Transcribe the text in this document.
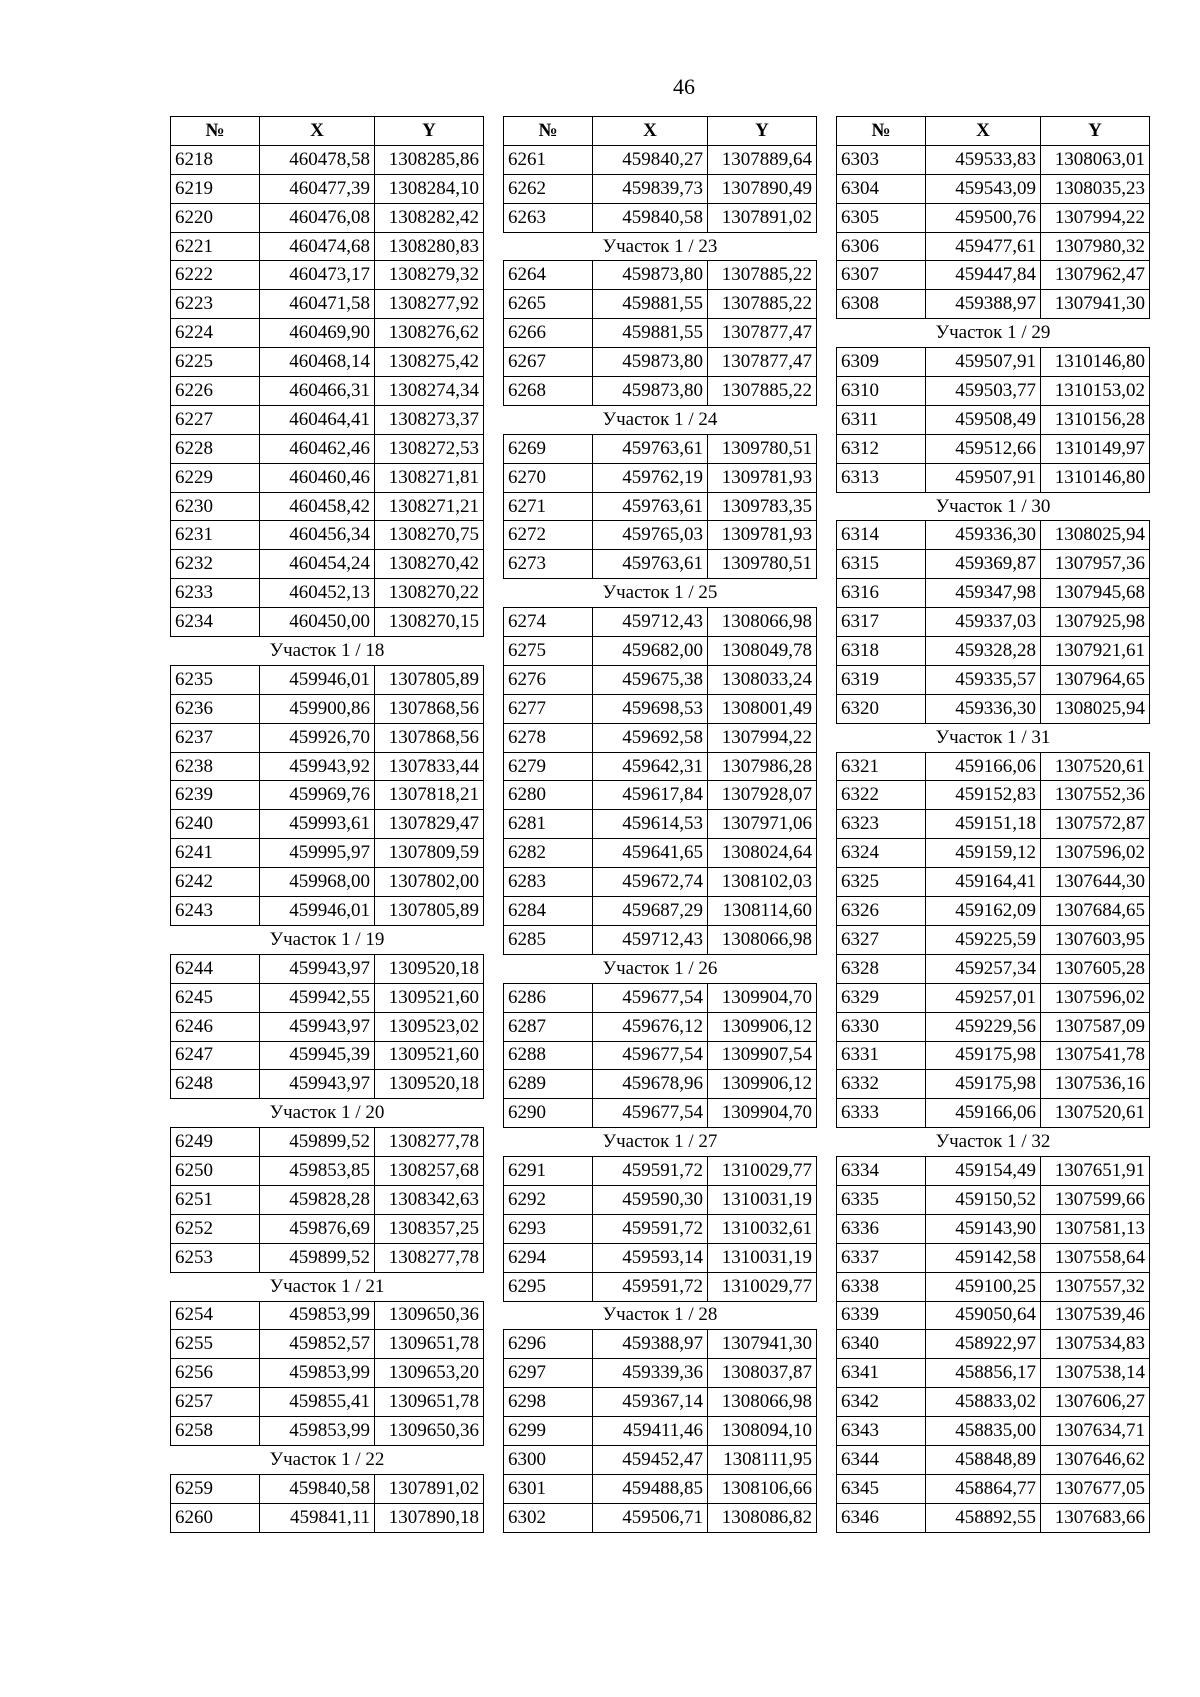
46
№	X	Y
6218	460478,58	1308285,86
6219	460477,39	1308284,10
6220	460476,08	1308282,42
6221	460474,68	1308280,83
6222	460473,17	1308279,32
6223	460471,58	1308277,92
6224	460469,90	1308276,62
6225	460468,14	1308275,42
6226	460466,31	1308274,34
6227	460464,41	1308273,37
6228	460462,46	1308272,53
6229	460460,46	1308271,81
6230	460458,42	1308271,21
6231	460456,34	1308270,75
6232	460454,24	1308270,42
6233	460452,13	1308270,22
6234	460450,00	1308270,15
Участок 1 / 18		
6235	459946,01	1307805,89
6236	459900,86	1307868,56
6237	459926,70	1307868,56
6238	459943,92	1307833,44
6239	459969,76	1307818,21
6240	459993,61	1307829,47
6241	459995,97	1307809,59
6242	459968,00	1307802,00
6243	459946,01	1307805,89
Участок 1 / 19		
6244	459943,97	1309520,18
6245	459942,55	1309521,60
6246	459943,97	1309523,02
6247	459945,39	1309521,60
6248	459943,97	1309520,18
Участок 1 / 20		
6249	459899,52	1308277,78
6250	459853,85	1308257,68
6251	459828,28	1308342,63
6252	459876,69	1308357,25
6253	459899,52	1308277,78
Участок 1 / 21		
6254	459853,99	1309650,36
6255	459852,57	1309651,78
6256	459853,99	1309653,20
6257	459855,41	1309651,78
6258	459853,99	1309650,36
Участок 1 / 22		
6259	459840,58	1307891,02
6260	459841,11	1307890,18
№	X	Y
6261	459840,27	1307889,64
6262	459839,73	1307890,49
6263	459840,58	1307891,02
Участок 1 / 23		
6264	459873,80	1307885,22
6265	459881,55	1307885,22
6266	459881,55	1307877,47
6267	459873,80	1307877,47
6268	459873,80	1307885,22
Участок 1 / 24		
6269	459763,61	1309780,51
6270	459762,19	1309781,93
6271	459763,61	1309783,35
6272	459765,03	1309781,93
6273	459763,61	1309780,51
Участок 1 / 25		
6274	459712,43	1308066,98
6275	459682,00	1308049,78
6276	459675,38	1308033,24
6277	459698,53	1308001,49
6278	459692,58	1307994,22
6279	459642,31	1307986,28
6280	459617,84	1307928,07
6281	459614,53	1307971,06
6282	459641,65	1308024,64
6283	459672,74	1308102,03
6284	459687,29	1308114,60
6285	459712,43	1308066,98
Участок 1 / 26		
6286	459677,54	1309904,70
6287	459676,12	1309906,12
6288	459677,54	1309907,54
6289	459678,96	1309906,12
6290	459677,54	1309904,70
Участок 1 / 27		
6291	459591,72	1310029,77
6292	459590,30	1310031,19
6293	459591,72	1310032,61
6294	459593,14	1310031,19
6295	459591,72	1310029,77
Участок 1 / 28		
6296	459388,97	1307941,30
6297	459339,36	1308037,87
6298	459367,14	1308066,98
6299	459411,46	1308094,10
6300	459452,47	1308111,95
6301	459488,85	1308106,66
6302	459506,71	1308086,82
№	X	Y
6303	459533,83	1308063,01
6304	459543,09	1308035,23
6305	459500,76	1307994,22
6306	459477,61	1307980,32
6307	459447,84	1307962,47
6308	459388,97	1307941,30
Участок 1 / 29		
6309	459507,91	1310146,80
6310	459503,77	1310153,02
6311	459508,49	1310156,28
6312	459512,66	1310149,97
6313	459507,91	1310146,80
Участок 1 / 30		
6314	459336,30	1308025,94
6315	459369,87	1307957,36
6316	459347,98	1307945,68
6317	459337,03	1307925,98
6318	459328,28	1307921,61
6319	459335,57	1307964,65
6320	459336,30	1308025,94
Участок 1 / 31		
6321	459166,06	1307520,61
6322	459152,83	1307552,36
6323	459151,18	1307572,87
6324	459159,12	1307596,02
6325	459164,41	1307644,30
6326	459162,09	1307684,65
6327	459225,59	1307603,95
6328	459257,34	1307605,28
6329	459257,01	1307596,02
6330	459229,56	1307587,09
6331	459175,98	1307541,78
6332	459175,98	1307536,16
6333	459166,06	1307520,61
Участок 1 / 32		
6334	459154,49	1307651,91
6335	459150,52	1307599,66
6336	459143,90	1307581,13
6337	459142,58	1307558,64
6338	459100,25	1307557,32
6339	459050,64	1307539,46
6340	458922,97	1307534,83
6341	458856,17	1307538,14
6342	458833,02	1307606,27
6343	458835,00	1307634,71
6344	458848,89	1307646,62
6345	458864,77	1307677,05
6346	458892,55	1307683,66
